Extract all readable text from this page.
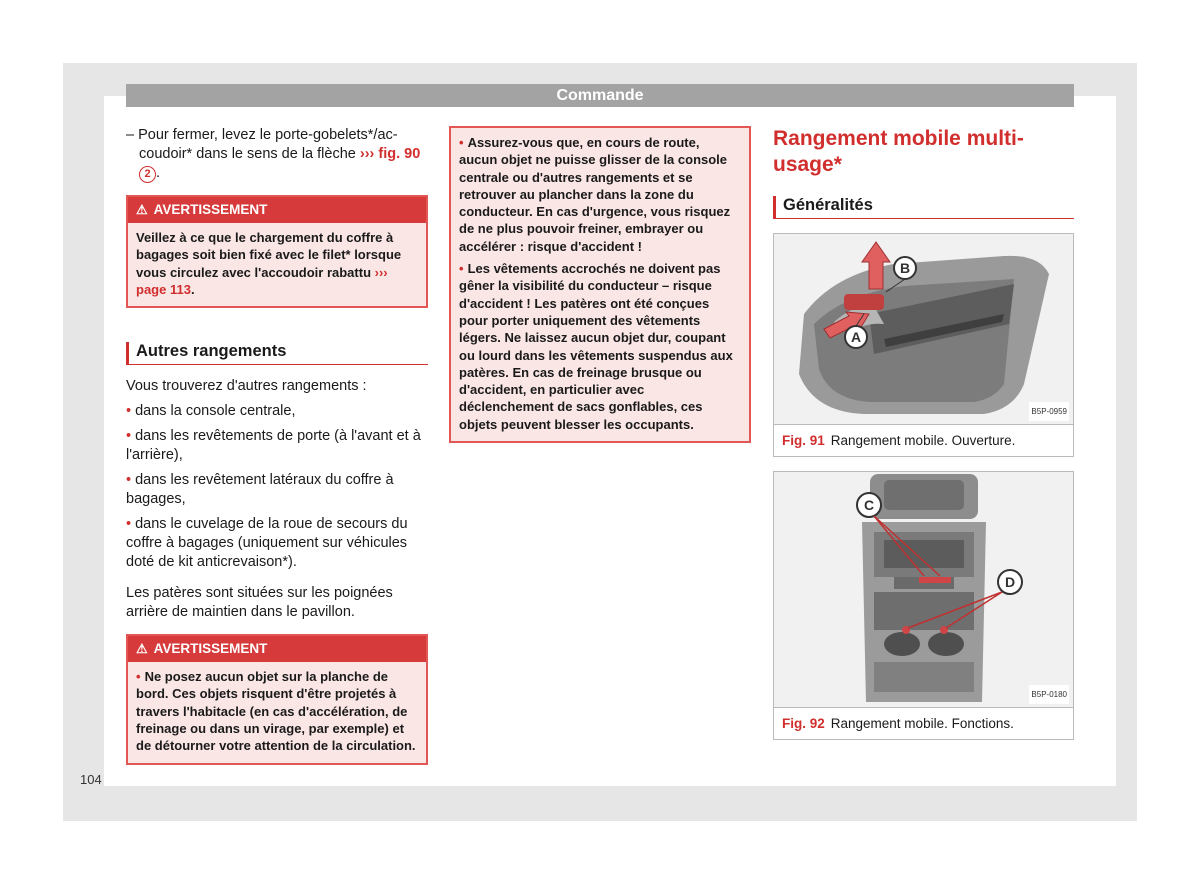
Commande
104

– Pour fermer, levez le porte-gobelets*/ac-coudoir* dans le sens de la flèche ››› fig. 90 2 .

⚠ AVERTISSEMENT
Veillez à ce que le chargement du coffre à bagages soit bien fixé avec le filet* lorsque vous circulez avec l'accoudoir rabattu ››› page 113.
Autres rangements

Vous trouverez d'autres rangements :

• dans la console centrale,

• dans les revêtements de porte (à l'avant et à l'arrière),

• dans les revêtement latéraux du coffre à bagages,

• dans le cuvelage de la roue de secours du coffre à bagages (uniquement sur véhicules doté de kit anticrevaison*).

Les patères sont situées sur les poignées arrière de maintien dans le pavillon.

⚠ AVERTISSEMENT
• Ne posez aucun objet sur la planche de bord. Ces objets risquent d'être projetés à travers l'habitacle (en cas d'accélération, de freinage ou dans un virage, par exemple) et de détourner votre attention de la circulation.

• Assurez-vous que, en cours de route, aucun objet ne puisse glisser de la console centrale ou d'autres rangements et se retrouver au plancher dans la zone du conducteur. En cas d'urgence, vous risquez de ne plus pouvoir freiner, embrayer ou accélérer : risque d'accident !

• Les vêtements accrochés ne doivent pas gêner la visibilité du conducteur – risque d'accident ! Les patères ont été conçues pour porter uniquement des vêtements légers. Ne laissez aucun objet dur, coupant ou lourd dans les vêtements suspendus aux patères. En cas de freinage brusque ou d'accident, en particulier avec déclenchement de sacs gonflables, ces objets peuvent blesser les occupants.

Rangement mobile multi-usage*
Généralités
A
B
B5P-0959
Fig. 91 Rangement mobile. Ouverture.
C
D
B5P-0180
Fig. 92 Rangement mobile. Fonctions.
